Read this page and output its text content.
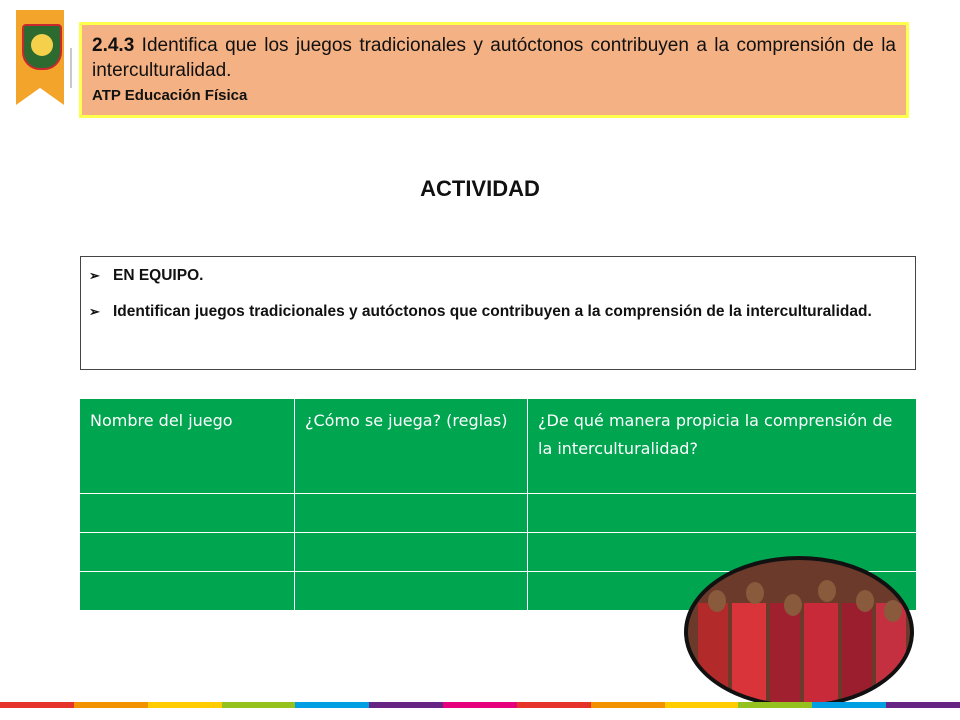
2.4.3 Identifica que los juegos tradicionales y autóctonos contribuyen a la comprensión de la interculturalidad.
ATP Educación Física
ACTIVIDAD
➢ EN EQUIPO.
➢ Identifican juegos tradicionales y autóctonos que contribuyen a la comprensión de la interculturalidad.
Nombre del juego	¿Cómo se juega? (reglas)	¿De qué manera propicia la comprensión de la interculturalidad?
